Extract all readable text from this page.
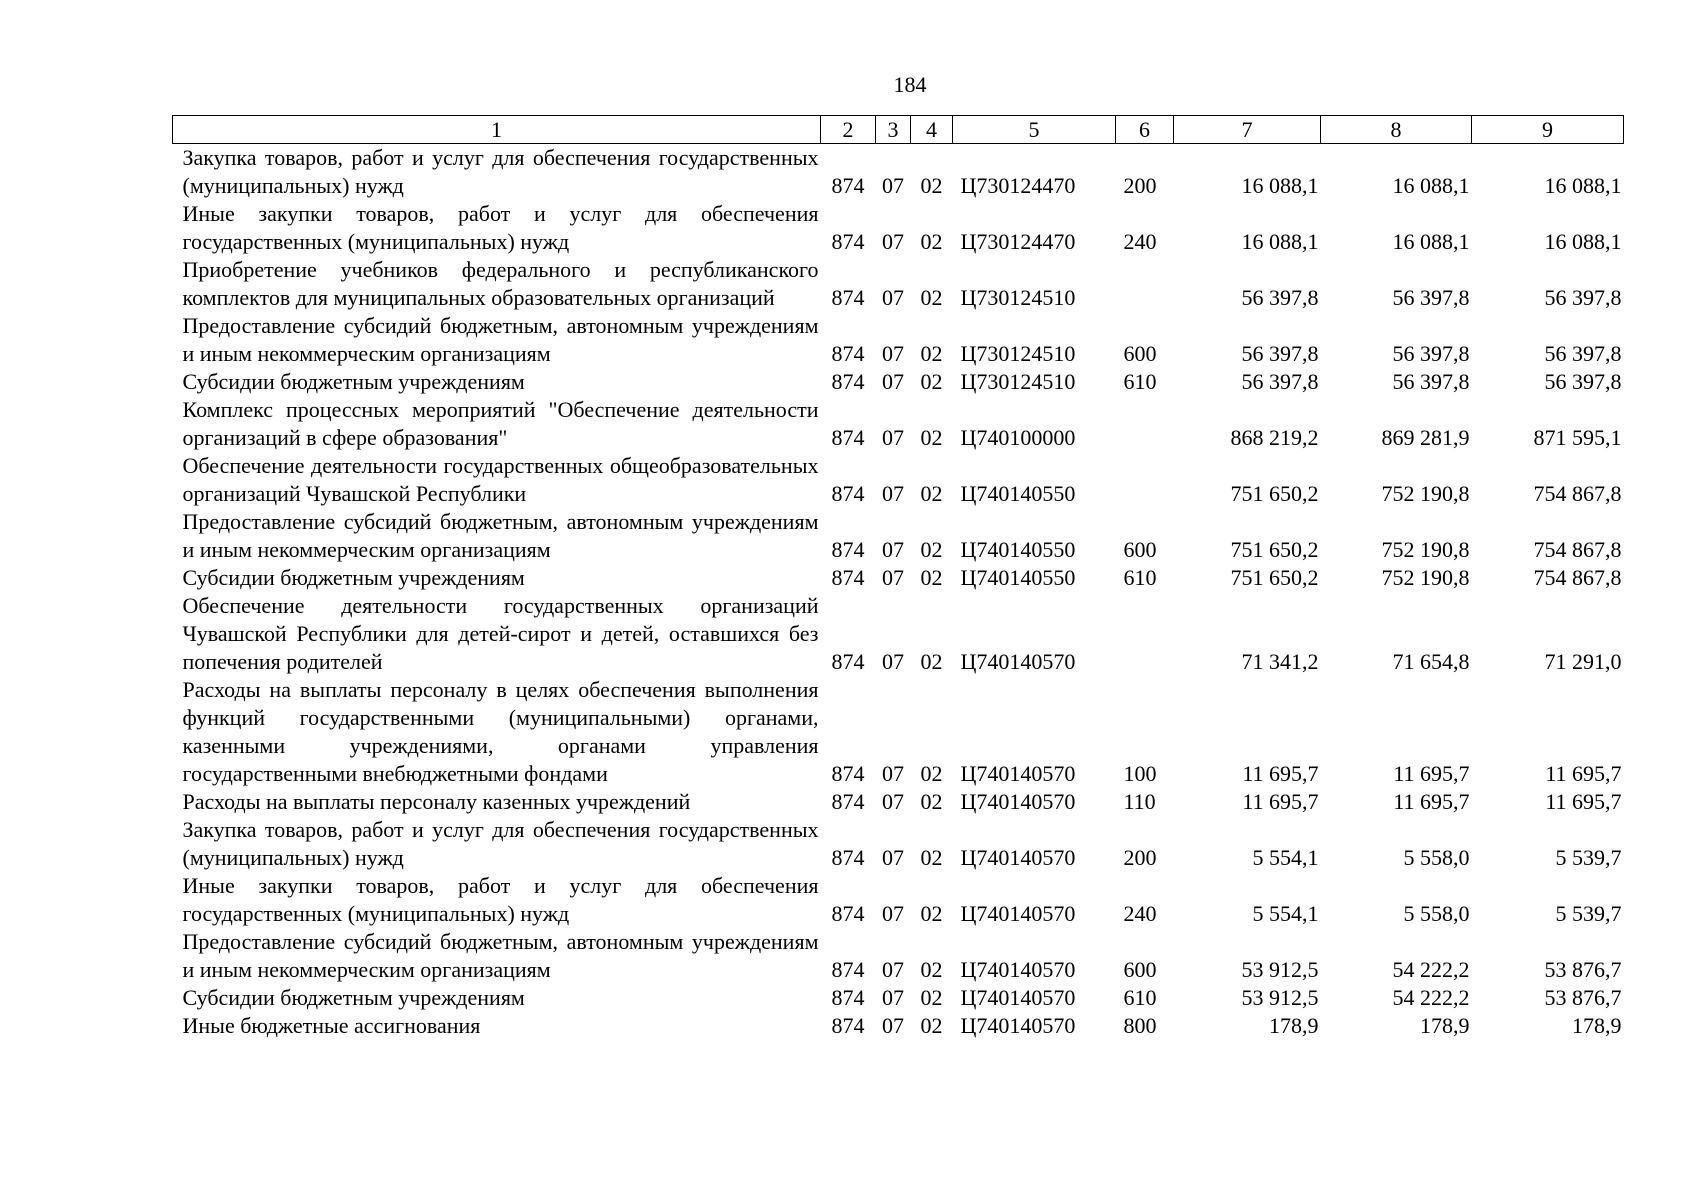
184
1	2	3	4	5	6	7	8	9
Закупка товаров, работ и услуг для обеспечения государственных (муниципальных) нужд	874	07	02	Ц730124470	200	16 088,1	16 088,1	16 088,1
Иные закупки товаров, работ и услуг для обеспечения государственных (муниципальных) нужд	874	07	02	Ц730124470	240	16 088,1	16 088,1	16 088,1
Приобретение учебников федерального и республиканского комплектов для муниципальных образовательных организаций	874	07	02	Ц730124510		56 397,8	56 397,8	56 397,8
Предоставление субсидий бюджетным, автономным учреждениям и иным некоммерческим организациям	874	07	02	Ц730124510	600	56 397,8	56 397,8	56 397,8
Субсидии бюджетным учреждениям	874	07	02	Ц730124510	610	56 397,8	56 397,8	56 397,8
Комплекс процессных мероприятий "Обеспечение деятельности организаций в сфере образования"	874	07	02	Ц740100000		868 219,2	869 281,9	871 595,1
Обеспечение деятельности государственных общеобразовательных организаций Чувашской Республики	874	07	02	Ц740140550		751 650,2	752 190,8	754 867,8
Предоставление субсидий бюджетным, автономным учреждениям и иным некоммерческим организациям	874	07	02	Ц740140550	600	751 650,2	752 190,8	754 867,8
Субсидии бюджетным учреждениям	874	07	02	Ц740140550	610	751 650,2	752 190,8	754 867,8
Обеспечение деятельности государственных организаций Чувашской Республики для детей-сирот и детей, оставшихся без попечения родителей	874	07	02	Ц740140570		71 341,2	71 654,8	71 291,0
Расходы на выплаты персоналу в целях обеспечения выполнения функций государственными (муниципальными) органами, казенными учреждениями, органами управления государственными внебюджетными фондами	874	07	02	Ц740140570	100	11 695,7	11 695,7	11 695,7
Расходы на выплаты персоналу казенных учреждений	874	07	02	Ц740140570	110	11 695,7	11 695,7	11 695,7
Закупка товаров, работ и услуг для обеспечения государственных (муниципальных) нужд	874	07	02	Ц740140570	200	5 554,1	5 558,0	5 539,7
Иные закупки товаров, работ и услуг для обеспечения государственных (муниципальных) нужд	874	07	02	Ц740140570	240	5 554,1	5 558,0	5 539,7
Предоставление субсидий бюджетным, автономным учреждениям и иным некоммерческим организациям	874	07	02	Ц740140570	600	53 912,5	54 222,2	53 876,7
Субсидии бюджетным учреждениям	874	07	02	Ц740140570	610	53 912,5	54 222,2	53 876,7
Иные бюджетные ассигнования	874	07	02	Ц740140570	800	178,9	178,9	178,9
